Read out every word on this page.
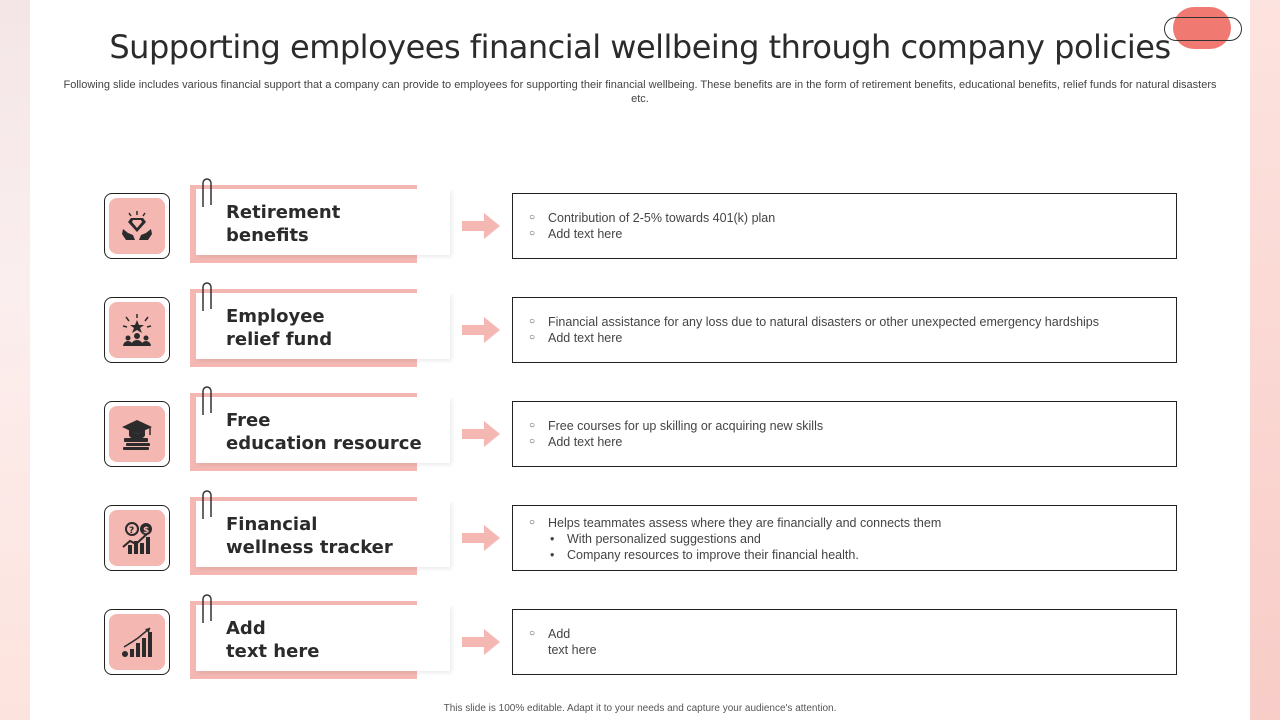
Supporting employees financial wellbeing through company policies
Following slide includes various financial support that a company can provide to employees for supporting their financial wellbeing. These benefits are in the form of retirement benefits, educational benefits, relief funds for natural disasters etc.
Retirement
benefits
○ Contribution of 2-5% towards 401(k) plan
○ Add text here
Employee
relief fund
○ Financial assistance for any loss due to natural disasters or other unexpected emergency hardships
○ Add text here
Free
education resource
○ Free courses for up skilling or acquiring new skills
○ Add text here
? $	Financial
wellness tracker
○ Helps teammates assess where they are financially and connects them
• With personalized suggestions and
• Company resources to improve their financial health.
Add
text here
○ Add
text here
This slide is 100% editable. Adapt it to your needs and capture your audience's attention.
